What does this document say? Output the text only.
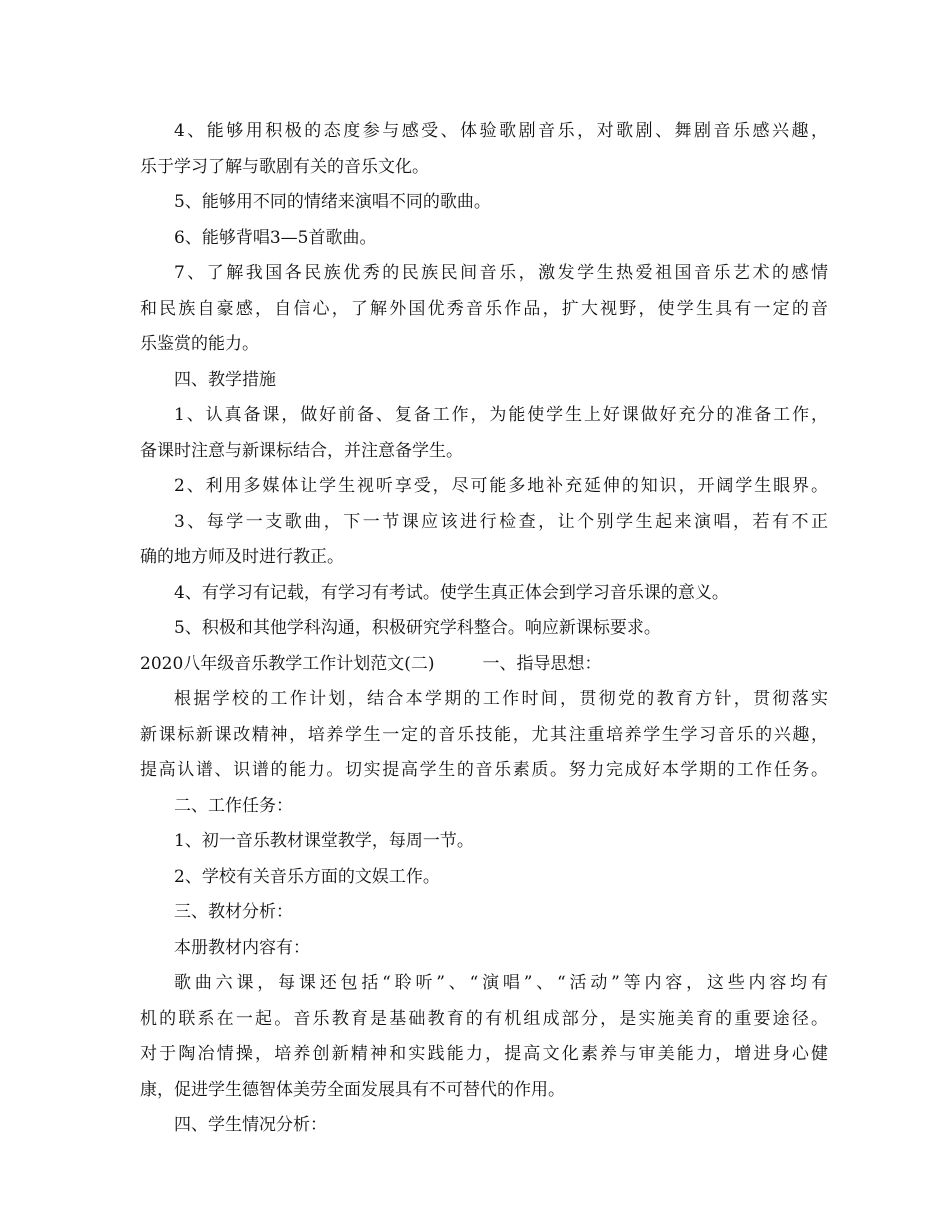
4、能够用积极的态度参与感受、体验歌剧音乐，对歌剧、舞剧音乐感兴趣，
乐于学习了解与歌剧有关的音乐文化。
5、能够用不同的情绪来演唱不同的歌曲。
6、能够背唱3—5首歌曲。
7、了解我国各民族优秀的民族民间音乐，激发学生热爱祖国音乐艺术的感情
和民族自豪感，自信心，了解外国优秀音乐作品，扩大视野，使学生具有一定的音
乐鉴赏的能力。
四、教学措施
1、认真备课，做好前备、复备工作，为能使学生上好课做好充分的准备工作，
备课时注意与新课标结合，并注意备学生。
2、利用多媒体让学生视听享受，尽可能多地补充延伸的知识，开阔学生眼界。
3、每学一支歌曲，下一节课应该进行检查，让个别学生起来演唱，若有不正
确的地方师及时进行教正。
4、有学习有记载，有学习有考试。使学生真正体会到学习音乐课的意义。
5、积极和其他学科沟通，积极研究学科整合。响应新课标要求。
2020八年级音乐教学工作计划范文(二)	一、指导思想：
根据学校的工作计划，结合本学期的工作时间，贯彻党的教育方针，贯彻落实
新课标新课改精神，培养学生一定的音乐技能，尤其注重培养学生学习音乐的兴趣，
提高认谱、识谱的能力。切实提高学生的音乐素质。努力完成好本学期的工作任务。
二、工作任务：
1、初一音乐教材课堂教学，每周一节。
2、学校有关音乐方面的文娱工作。
三、教材分析：
本册教材内容有：
歌曲六课，每课还包括“聆听”、“演唱”、“活动”等内容，这些内容均有
机的联系在一起。音乐教育是基础教育的有机组成部分，是实施美育的重要途径。
对于陶冶情操，培养创新精神和实践能力，提高文化素养与审美能力，增进身心健
康，促进学生德智体美劳全面发展具有不可替代的作用。
四、学生情况分析：
